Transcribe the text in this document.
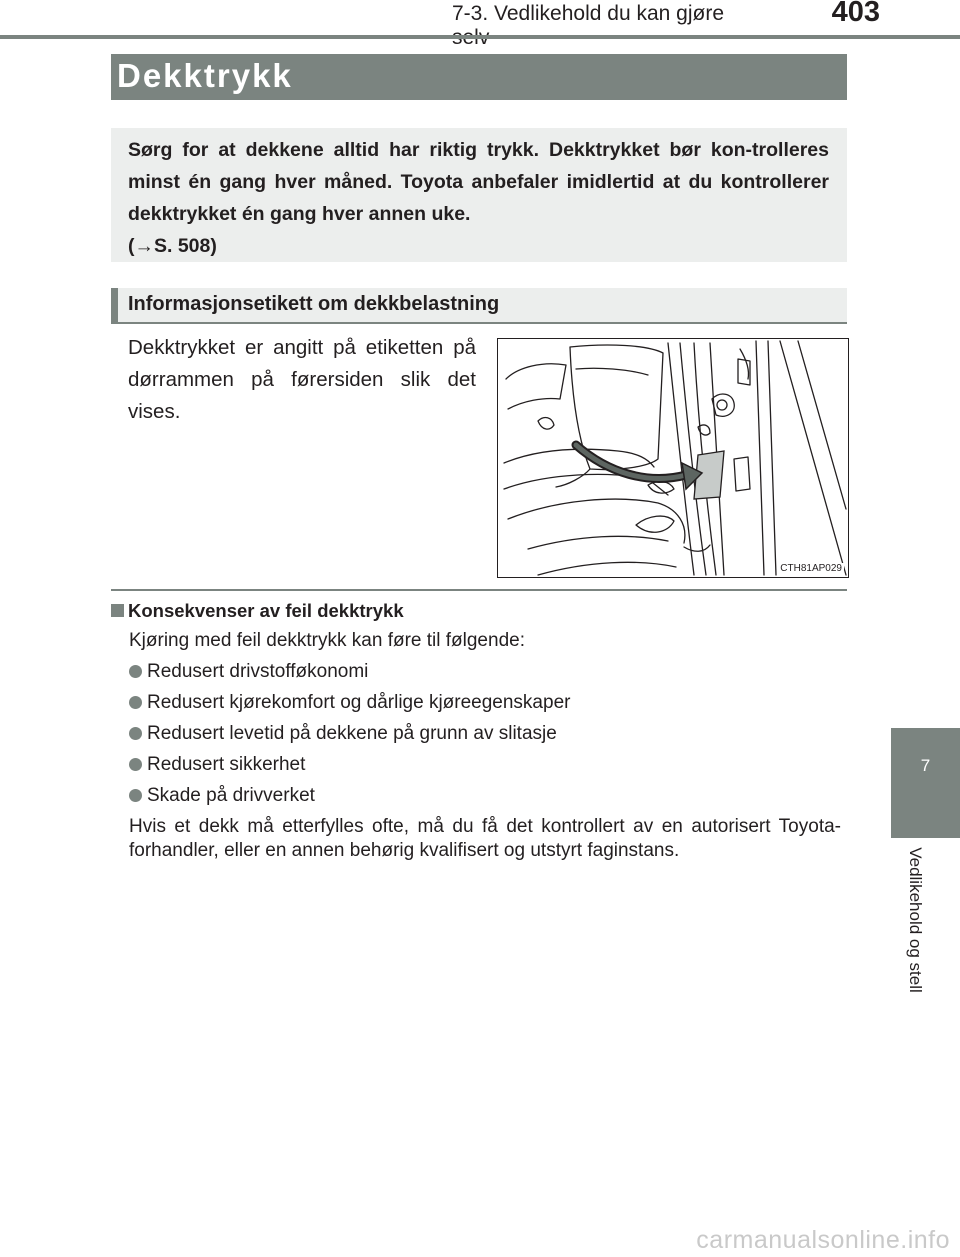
7-3. Vedlikehold du kan gjøre	403
Dekktrykk
Sørg for at dekkene alltid har riktig trykk. Dekktrykket bør kon-trolleres minst én gang hver måned. Toyota anbefaler imidlertid at du kontrollerer dekktrykket én gang hver annen uke.
(→S. 508)
Informasjonsetikett om dekkbelastning
Dekktrykket er angitt på etiketten på dørrammen på førersiden slik det vises.
CTH81AP029
Konsekvenser av feil dekktrykk
Kjøring med feil dekktrykk kan føre til følgende:
Redusert drivstofføkonomi
Redusert kjørekomfort og dårlige kjøreegenskaper
Redusert levetid på dekkene på grunn av slitasje
Redusert sikkerhet
Skade på drivverket
Hvis et dekk må etterfylles ofte, må du få det kontrollert av en autorisert Toyota-forhandler, eller en annen behørig kvalifisert og utstyrt faginstans.
7
Vedlikehold og stell
carmanualsonline.info
